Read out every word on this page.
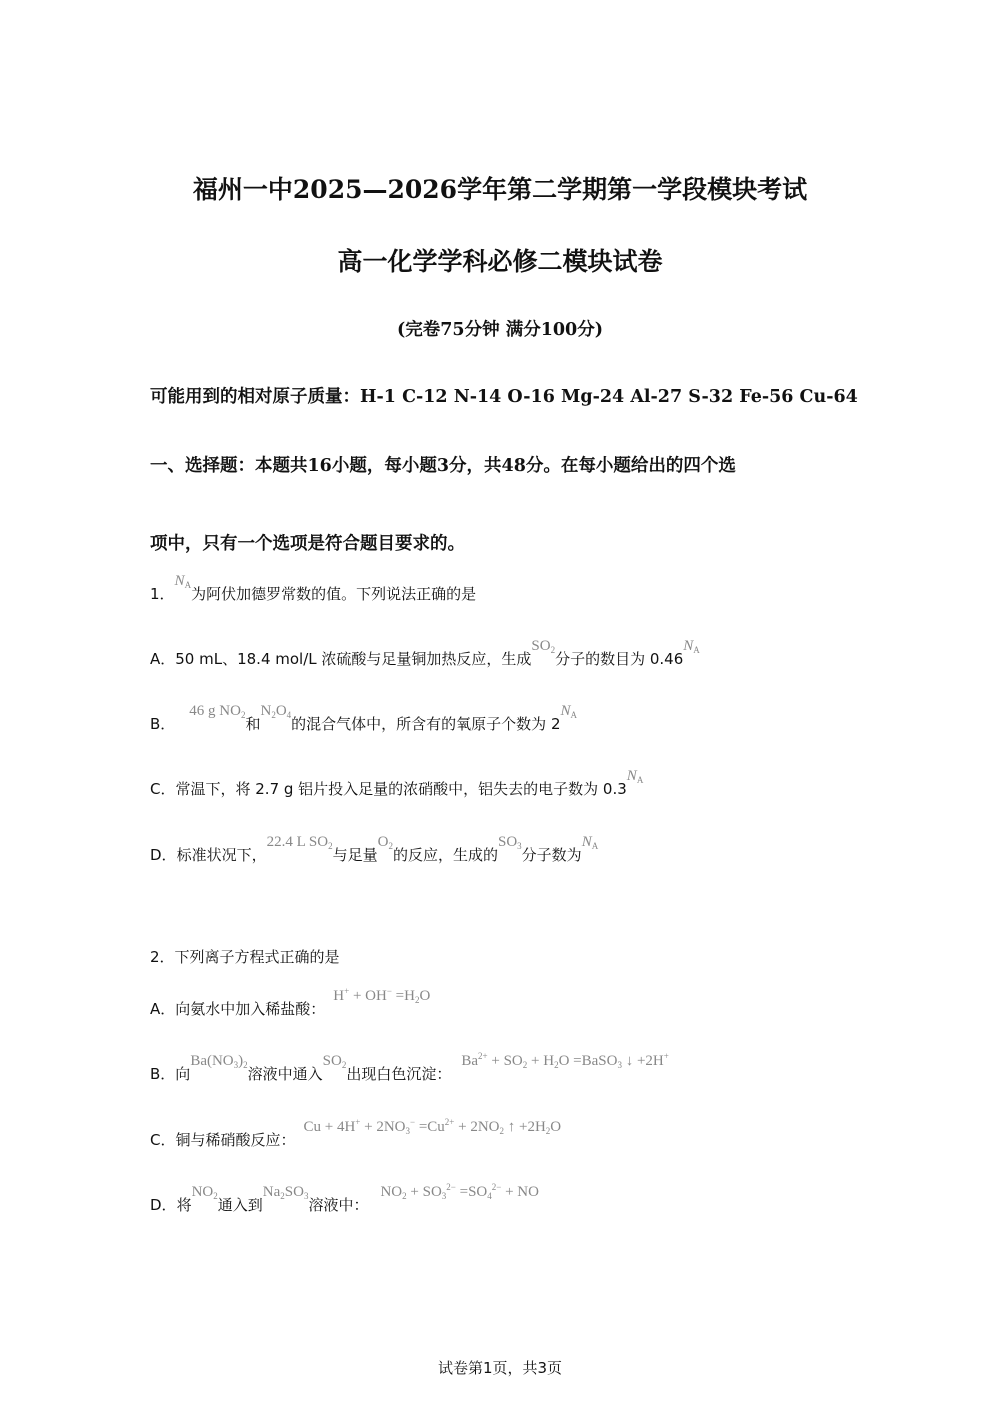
福州一中2025—2026学年第二学期第一学段模块考试
高一化学学科必修二模块试卷
(完卷75分钟 满分100分)
可能用到的相对原子质量：H-1 C-12 N-14 O-16 Mg-24 Al-27 S-32 Fe-56 Cu-64
一、选择题：本题共16小题，每小题3分，共48分。在每小题给出的四个选
项中，只有一个选项是符合题目要求的。
1．
$N_A$ 为阿伏加德罗常数的值。下列说法正确的是
A． 50 mL、18.4 mol/L 浓硫酸与足量铜加热反应，生成
$SO_2$ 分子的数目为 0.46
$N_A$
B．
46 g $NO_2$ 和
$N_2O_4$ 的混合气体中，所含有的氧原子个数为 2
$N_A$
C． 常温下，将 2.7 g 铝片投入足量的浓硝酸中，铝失去的电子数为 0.3
$N_A$
D． 标准状况下，
22.4 L $SO_2$ 与足量
$O_2$ 的反应，生成的
$SO_3$ 分子数为
$N_A$
2． 下列离子方程式正确的是
A． 向氨水中加入稀盐酸：
$H^+ + OH^- =H_2O$
B． 向
$Ba(NO_3)_2$ 溶液中通入
$SO_2$ 出现白色沉淀：
$Ba^{2+} + SO_2 + H_2O$ =BaSO$_3$ ↓ +2H+
C． 铜与稀硝酸反应：
$Cu + 4H^+ + 2NO_3^- =Cu^{2+} + 2NO_2$ ↑ $+2H_2O$
D． 将
$NO_2$ 通入到
$Na_2SO_3$ 溶液中：
$NO_2 + SO_3^{2-} =SO_4^{2-}$ + NO
试卷第1页，共3页
